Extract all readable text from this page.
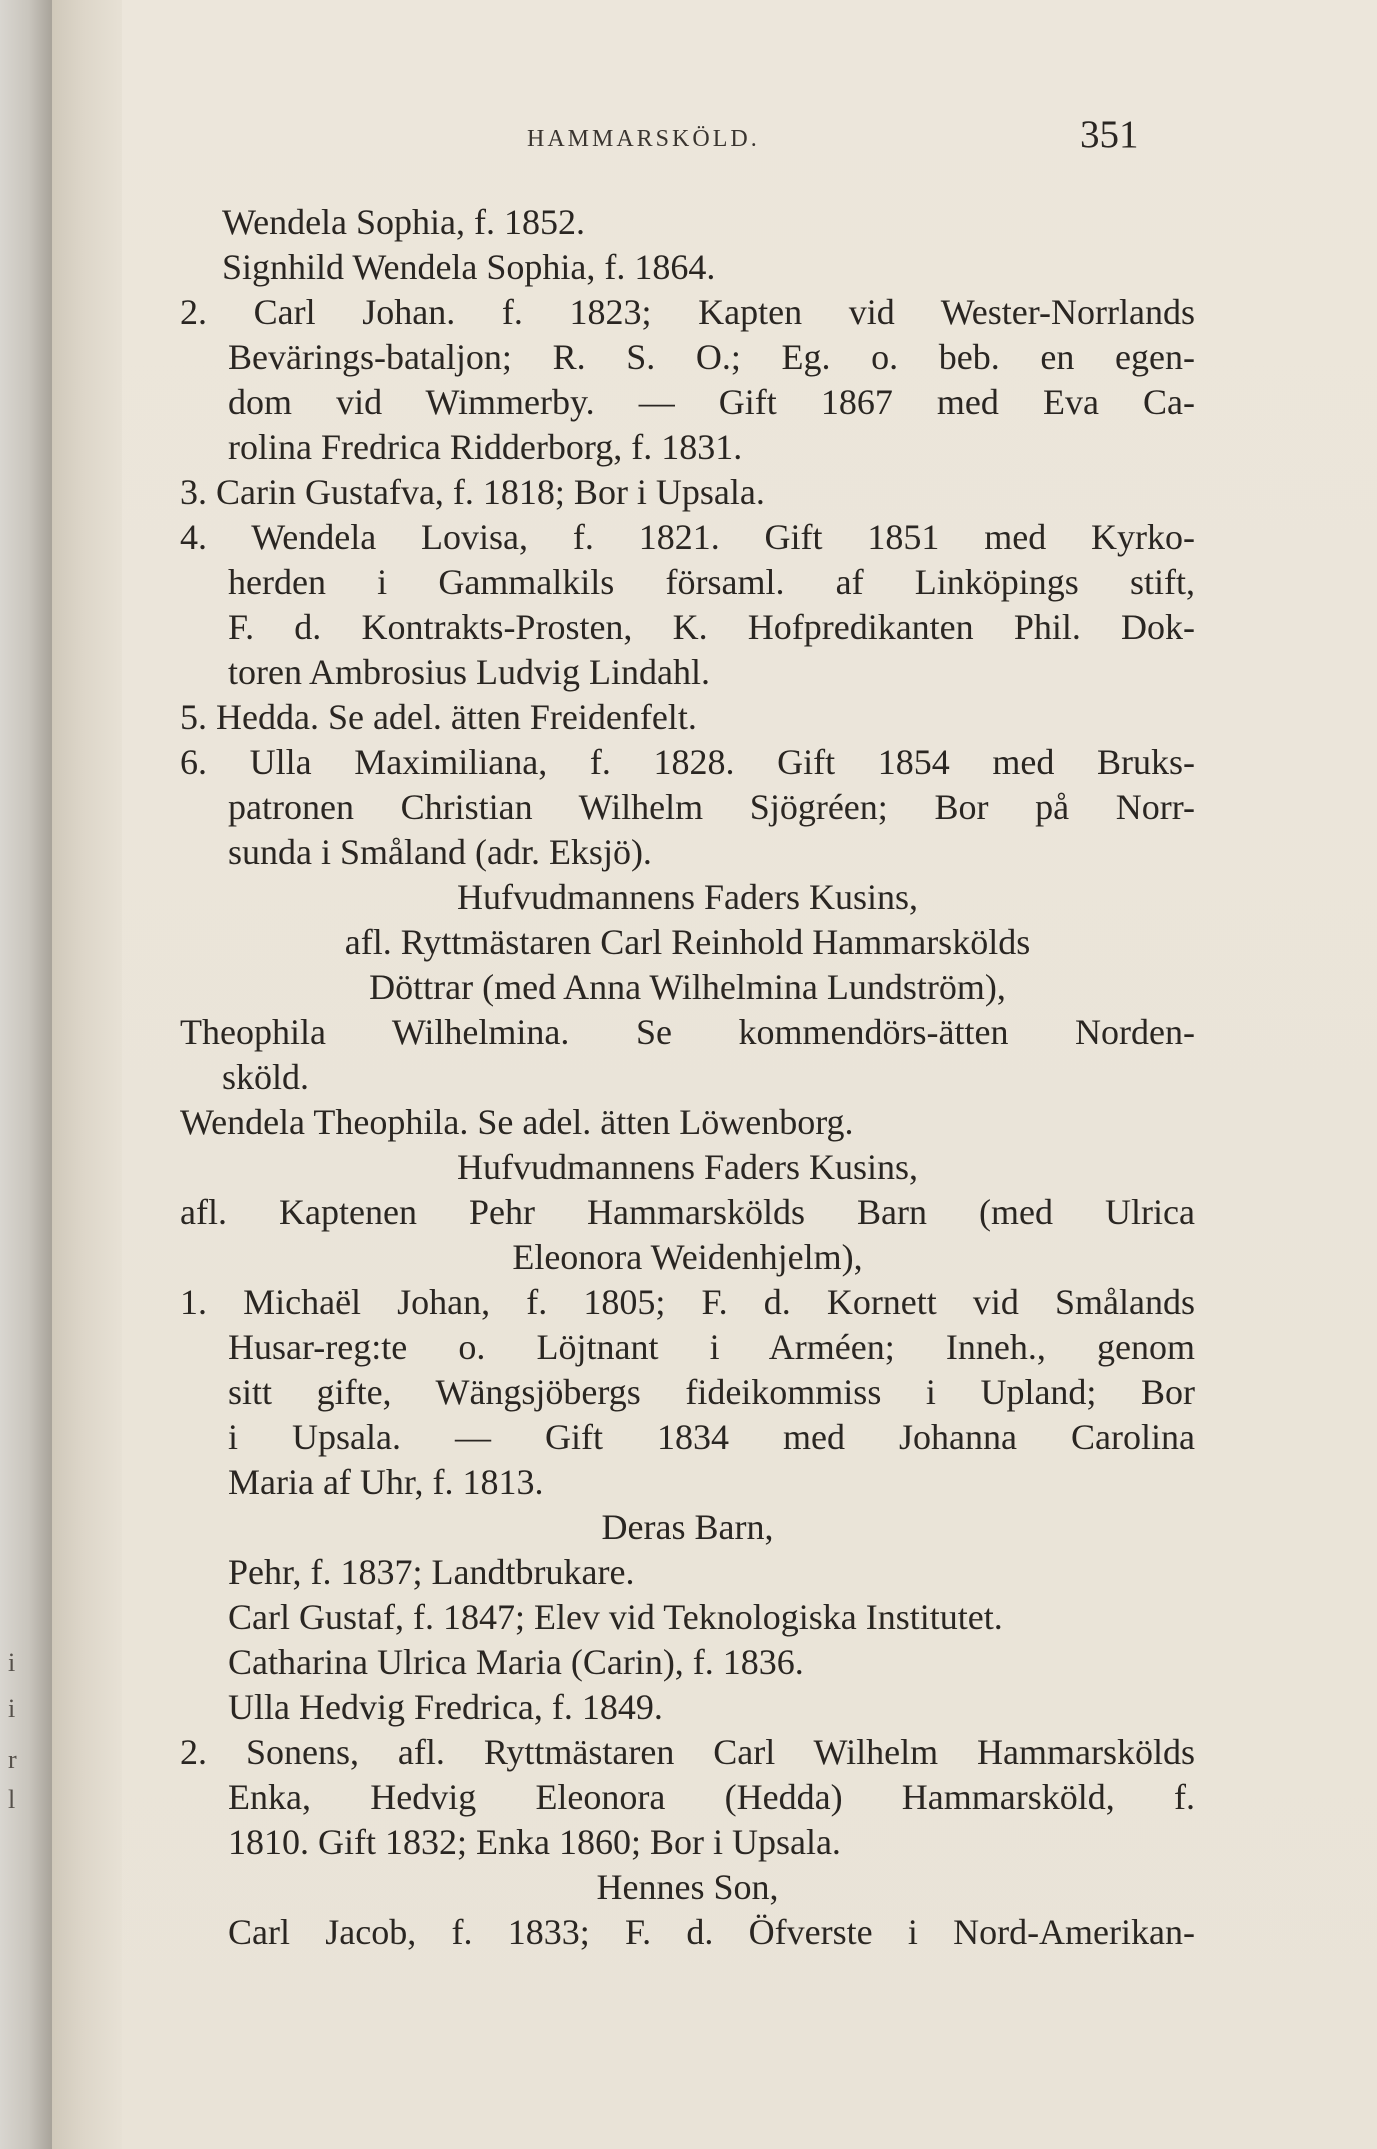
i
i
r
l
HAMMARSKÖLD.	351
Wendela Sophia, f. 1852.
Signhild Wendela Sophia, f. 1864.
2. Carl Johan. f. 1823; Kapten vid Wester-Norrlands
Bevärings-bataljon; R. S. O.; Eg. o. beb. en egen-
dom vid Wimmerby. — Gift 1867 med Eva Ca-
rolina Fredrica Ridderborg, f. 1831.
3. Carin Gustafva, f. 1818; Bor i Upsala.
4. Wendela Lovisa, f. 1821. Gift 1851 med Kyrko-
herden i Gammalkils församl. af Linköpings stift,
F. d. Kontrakts-Prosten, K. Hofpredikanten Phil. Dok-
toren Ambrosius Ludvig Lindahl.
5. Hedda. Se adel. ätten Freidenfelt.
6. Ulla Maximiliana, f. 1828. Gift 1854 med Bruks-
patronen Christian Wilhelm Sjögréen; Bor på Norr-
sunda i Småland (adr. Eksjö).
Hufvudmannens Faders Kusins,
afl. Ryttmästaren Carl Reinhold Hammarskölds
Döttrar (med Anna Wilhelmina Lundström),
Theophila Wilhelmina. Se kommendörs-ätten Norden-
sköld.
Wendela Theophila. Se adel. ätten Löwenborg.
Hufvudmannens Faders Kusins,
afl. Kaptenen Pehr Hammarskölds Barn (med Ulrica
Eleonora Weidenhjelm),
1. Michaël Johan, f. 1805; F. d. Kornett vid Smålands
Husar-reg:te o. Löjtnant i Arméen; Inneh., genom
sitt gifte, Wängsjöbergs fideikommiss i Upland; Bor
i Upsala. — Gift 1834 med Johanna Carolina
Maria af Uhr, f. 1813.
Deras Barn,
Pehr, f. 1837; Landtbrukare.
Carl Gustaf, f. 1847; Elev vid Teknologiska Institutet.
Catharina Ulrica Maria (Carin), f. 1836.
Ulla Hedvig Fredrica, f. 1849.
2. Sonens, afl. Ryttmästaren Carl Wilhelm Hammarskölds
Enka, Hedvig Eleonora (Hedda) Hammarsköld, f.
1810. Gift 1832; Enka 1860; Bor i Upsala.
Hennes Son,
Carl Jacob, f. 1833; F. d. Öfverste i Nord-Amerikan-
